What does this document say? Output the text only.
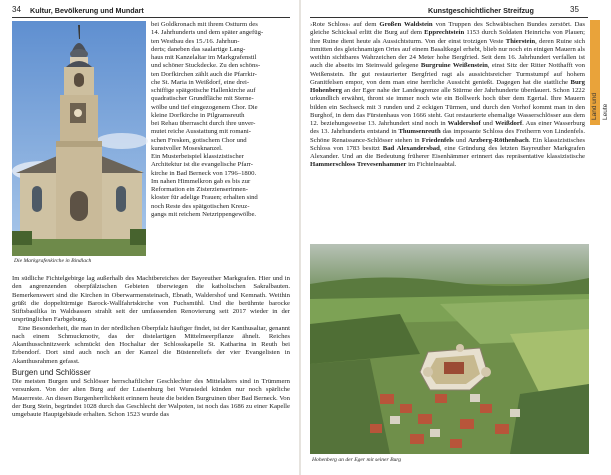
34 Kultur, Bevölkerung und Mundart
Die Markgrafenkirche in Bindlach
bei Goldkronach mit ihrem Ostturm des
14. Jahrhunderts und dem später angefüg-
ten Westbau des 15./16. Jahrhun-
derts; daneben das saalartige Lang-
haus mit Kanzelaltar im Markgrafenstil
und schöner Stuckdecke. Zu den schöns-
ten Dorfkirchen zählt auch die Pfarrkir-
che St. Maria in Weißdorf, eine drei-
schiffige spätgotische Hallenkirche auf
quadratischer Grundfläche mit Sterne-
wölbe und tief eingezogenem Chor. Die
kleine Dorfkirche in Pilgramsreuth
bei Rehau überrascht durch ihre unver-
mutet reiche Ausstattung mit romani-
schen Fresken, gotischem Chor und
kunstvoller Mosesknanzel.
Ein Musterbeispiel klassizistischer
Architektur ist die evangelische Pfarr-
kirche in Bad Berneck von 1796–1800.
Im nahen Himmelkron gab es bis zur
Reformation ein Zisterzienserinnen-
kloster für adelige Frauen; erhalten sind
noch Reste des spätgotischen Kreuz-
gangs mit reichem Netzrippengewölbe.

Im südliche Fichtelgebirge lag außerhalb des Machtbereiches der Bayreuther Markgrafen. Hier und in den angrenzenden oberpfälzischen Gebieten überwiegen die katholischen Sakralbauten. Bemerkenswert sind die Kirchen in Oberwarmensteinach, Ebnath, Waldershof und Kemnath. Weithin grüßt die doppeltürmige Barock-Wallfahrtskirche von Fuchsmühl. Und die berühmte barocke Stiftsbasilika in Waldsassen strahlt seit der umfassenden Renovierung seit 2017 wieder in der ursprünglichen Farbgebung.

Eine Besonderheit, die man in der nördlichen Oberpfalz häufiger findet, ist der Kanthusaltar, genannt nach einem Schmuckmotiv, das der distelartigen Mittelmeerpflanze ähnelt. Reiches Akanthusschnitzwerk schmückt den Hochaltar der Schlosskapelle St. Katharina in Reuth bei Erbendorf. Dort sind auch noch an der Kanzel die Büstenreliefs der vier Evangelisten in Akanthusrahmen gefasst.

Burgen und Schlösser

Die meisten Burgen und Schlösser herrschaftlicher Geschlechter des Mittelalters sind in Trümmern versunken. Von der alten Burg auf der Luisenburg bei Wunsiedel künden nur noch spärliche Mauerreste. An diesen Burgenherrlichkeit erinnern heute die beiden Burgruinen über Bad Berneck. Von der Burg Stein, begründet 1028 durch das Geschlecht der Walpoten, ist noch das 1686 zu einer Kapelle umgebaute Hauptgebäude erhalten. Schon 1523 wurde das

Kunstgeschichtlicher Streifzug	35

›Rote Schloss‹ auf dem Großen Waldstein von Truppen des Schwäbischen Bundes zerstört. Das gleiche Schicksal erlitt die Burg auf dem Epprechtstein 1153 durch Soldaten Heinrichs von Plauen; ihre Ruine dient heute als Aussichtsturm. Von der einst trotzigen Veste Thierstein, deren Ruine sich inmitten des gleichnamigen Ortes auf einem Basaltkegel erhebt, blieb nur noch ein einigen Mauern als weithin sichtbares Wahrzeichen der 24 Meter hohe Bergfried. Seit dem 16. Jahrhundert verfallen ist auch die abseits im Steinwald gelegene Burgruine Weißenstein, einst Sitz der Ritter Notthafft von Weißenstein. Ihr gut restaurierter Bergfried ragt als aussichtsreicher Turmstumpf auf hohem Granitfelsen empor, von dem man eine herrliche Aussicht genießt. Dagegen hat die stattliche Burg Hohenberg an der Eger nahe der Landesgrenze alle Stürme der Jahrhunderte überdauert. Schon 1222 urkundlich erwähnt, thront sie immer noch wie ein Bollwerk hoch über dem Egertal. Ihre Mauern bilden ein Sechseck mit 3 runden und 2 eckigen Türmen, und durch den Vorhof kommt man in den Burghof, in dem das Fürstenhaus von 1666 steht. Gut restaurierte ehemalige Wasserschlösser aus dem 12. beziehungsweise 13. Jahrhundert sind noch in Waldershof und Weißdorf. Aus einer Wasserburg des 13. Jahrhunderts entstand in Thumsenreuth das imposante Schloss des Freiherrn von Lindenfels. Schöne Renaissance-Schlösser stehen in Friedenfels und Arzberg-Röthenbach. Ein klassizistisches Schloss von 1783 besitzt Bad Alexandersbad, eine Gründung des letzten Bayreuther Markgrafen Alexander. Und an die Bedeutung früherer Eisenhämmer erinnert das repräsentative klassizistische Hammerschloss Trevesenhammer im Fichtelnaabtal.

Hohenberg an der Eger mit seiner Burg
Land und Leute
